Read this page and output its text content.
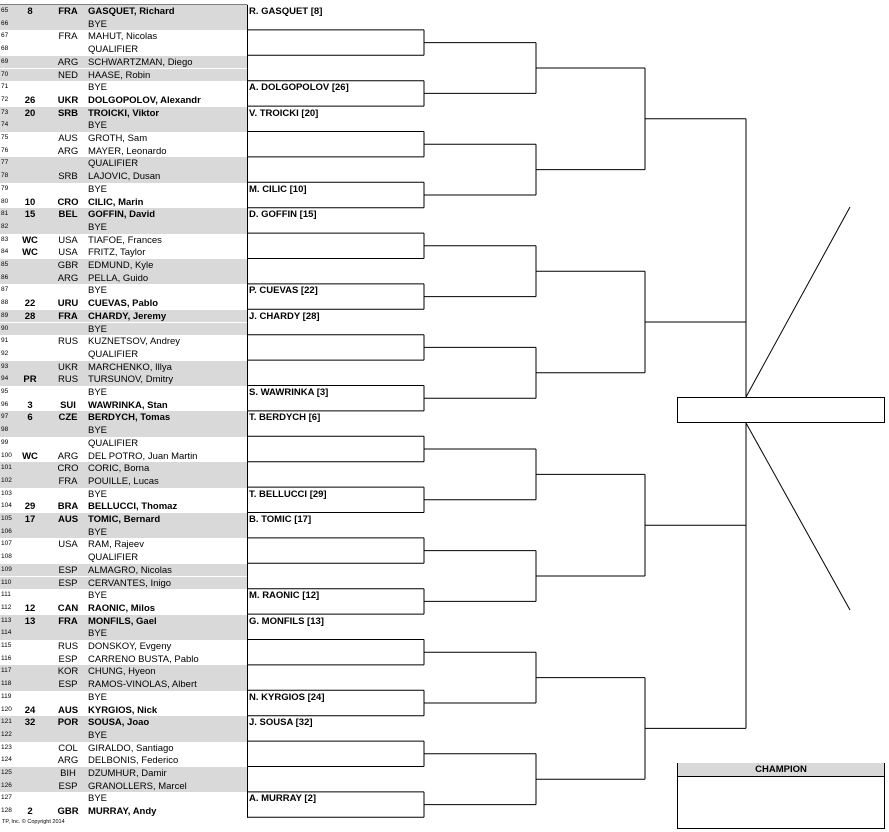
65	8	FRA	GASQUET, Richard
66	BYE
67	FRA	MAHUT, Nicolas
68	QUALIFIER
69	ARG	SCHWARTZMAN, Diego
70	NED	HAASE, Robin
71	BYE
72	26	UKR	DOLGOPOLOV, Alexandr
73	20	SRB	TROICKI, Viktor
74	BYE
75	AUS	GROTH, Sam
76	ARG	MAYER, Leonardo
77	QUALIFIER
78	SRB	LAJOVIC, Dusan
79	BYE
80	10	CRO CILIC, Marin
81	15	BEL	GOFFIN, David
82	BYE
83 WC	USA	TIAFOE, Frances
84 WC	USA	FRITZ, Taylor
85	GBR	EDMUND, Kyle
86	ARG	PELLA, Guido
87	BYE
88	22	URU	CUEVAS, Pablo
89	28	FRA	CHARDY, Jeremy
90	BYE
91	RUS	KUZNETSOV, Andrey
92	QUALIFIER
93	UKR	MARCHENKO, Illya
94	PR	RUS	TURSUNOV, Dmitry
95	BYE
96	3	SUI	WAWRINKA, Stan
97	6	CZE	BERDYCH, Tomas
98	BYE
99	QUALIFIER
100 WC	ARG	DEL POTRO, Juan Martin
101	CRO CORIC, Borna
102	FRA	POUILLE, Lucas
103	BYE
104	29	BRA	BELLUCCI, Thomaz
105	17	AUS	TOMIC, Bernard
106	BYE
107	USA	RAM, Rajeev
108	QUALIFIER
109	ESP	ALMAGRO, Nicolas
110	ESP	CERVANTES, Inigo
111	BYE
112	12	CAN	RAONIC, Milos
113	13	FRA	MONFILS, Gael
114	BYE
115	RUS	DONSKOY, Evgeny
116	ESP	CARRENO BUSTA, Pablo
117	KOR	CHUNG, Hyeon
118	ESP	RAMOS-VINOLAS, Albert
119	BYE
120	24	AUS	KYRGIOS, Nick
121	32	POR	SOUSA, Joao
122	BYE
123	COL	GIRALDO, Santiago
124	ARG	DELBONIS, Federico
125	BIH	DZUMHUR, Damir
126	ESP	GRANOLLERS, Marcel
127	BYE
128	2	GBR MURRAY, Andy
R. GASQUET [8]
A. DOLGOPOLOV [26]
V. TROICKI [20]
M. CILIC [10]
D. GOFFIN [15]
P. CUEVAS [22]
J. CHARDY [28]
S. WAWRINKA [3]
T. BERDYCH [6]
T. BELLUCCI [29]
B. TOMIC [17]
M. RAONIC [12]
G. MONFILS [13]
N. KYRGIOS [24]
J. SOUSA [32]
A. MURRAY [2]
CHAMPION
TP, Inc. © Copyright 2014
